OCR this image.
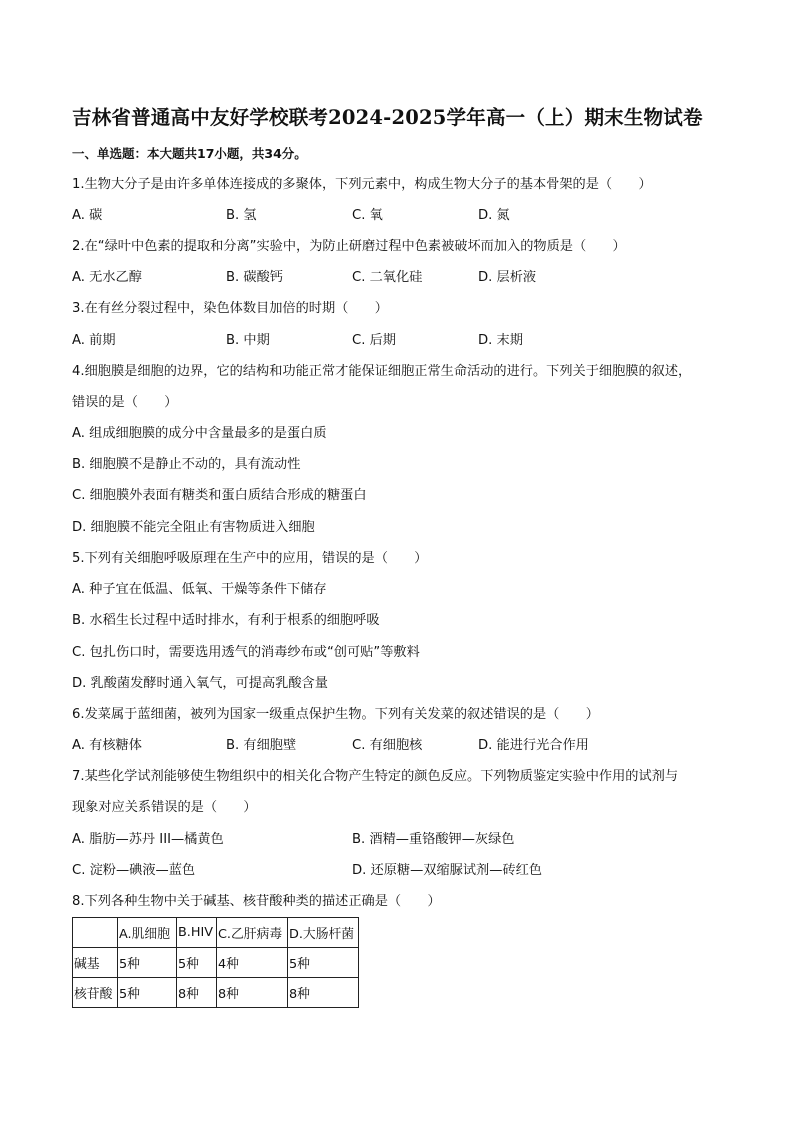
吉林省普通高中友好学校联考2024-2025学年高一（上）期末生物试卷
一、单选题：本大题共17小题，共34分。
1.生物大分子是由许多单体连接成的多聚体，下列元素中，构成生物大分子的基本骨架的是（　　）
A. 碳	B. 氢	C. 氧	D. 氮
2.在“绿叶中色素的提取和分离”实验中，为防止研磨过程中色素被破坏而加入的物质是（　　）
A. 无水乙醇	B. 碳酸钙	C. 二氧化硅	D. 层析液
3.在有丝分裂过程中，染色体数目加倍的时期（　　）
A. 前期	B. 中期	C. 后期	D. 末期
4.细胞膜是细胞的边界，它的结构和功能正常才能保证细胞正常生命活动的进行。下列关于细胞膜的叙述，
错误的是（　　）
A. 组成细胞膜的成分中含量最多的是蛋白质
B. 细胞膜不是静止不动的，具有流动性
C. 细胞膜外表面有糖类和蛋白质结合形成的糖蛋白
D. 细胞膜不能完全阻止有害物质进入细胞
5.下列有关细胞呼吸原理在生产中的应用，错误的是（　　）
A. 种子宜在低温、低氧、干燥等条件下储存
B. 水稻生长过程中适时排水，有利于根系的细胞呼吸
C. 包扎伤口时，需要选用透气的消毒纱布或“创可贴”等敷料
D. 乳酸菌发酵时通入氧气，可提高乳酸含量
6.发菜属于蓝细菌，被列为国家一级重点保护生物。下列有关发菜的叙述错误的是（　　）
A. 有核糖体	B. 有细胞壁	C. 有细胞核	D. 能进行光合作用
7.某些化学试剂能够使生物组织中的相关化合物产生特定的颜色反应。下列物质鉴定实验中作用的试剂与
现象对应关系错误的是（　　）
A. 脂肪—苏丹 III—橘黄色	B. 酒精—重铬酸钾—灰绿色
C. 淀粉—碘液—蓝色	D. 还原糖—双缩脲试剂—砖红色
8.下列各种生物中关于碱基、核苷酸种类的描述正确是（　　）
	A.肌细胞	B.HIV	C.乙肝病毒	D.大肠杆菌
碱基	5种	5种	4种	5种
核苷酸	5种	8种	8种	8种
